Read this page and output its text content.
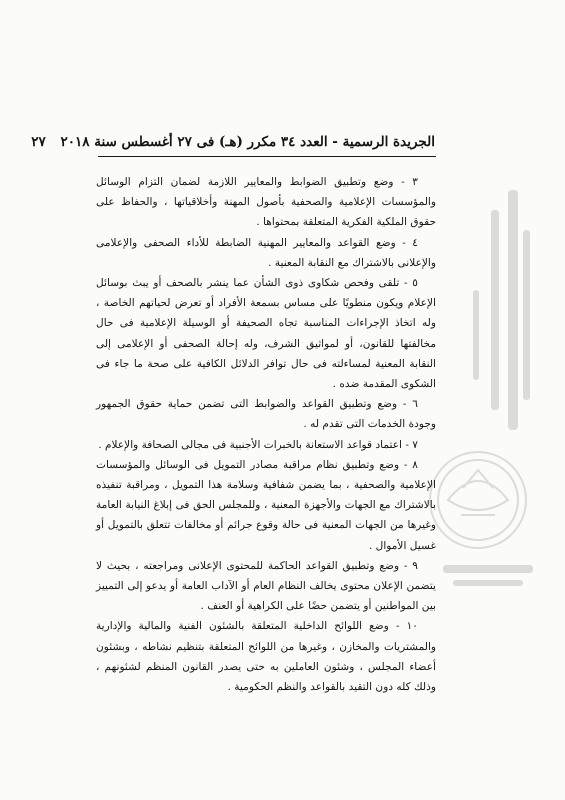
الجريدة الرسمية - العدد ٣٤ مكرر (هـ) فى ٢٧ أغسطس سنة ٢٠١٨ ٢٧

٣ - وضع وتطبيق الضوابط والمعايير اللازمة لضمان التزام الوسائل والمؤسسات الإعلامية والصحفية بأصول المهنة وأخلاقياتها ، والحفاظ على حقوق الملكية الفكرية المتعلقة بمحتواها .

٤ - وضع القواعد والمعايير المهنية الضابطة للأداء الصحفى والإعلامى والإعلانى بالاشتراك مع النقابة المعنية .

٥ - تلقى وفحص شكاوى ذوى الشأن عما ينشر بالصحف أو يبث بوسائل الإعلام ويكون منطويًا على مساس بسمعة الأفراد أو تعرض لحياتهم الخاصة ، وله اتخاذ الإجراءات المناسبة تجاه الصحيفة أو الوسيلة الإعلامية فى حال مخالفتها للقانون، أو لمواثيق الشرف، وله إحالة الصحفى أو الإعلامى إلى النقابة المعنية لمساءلته فى حال توافر الدلائل الكافية على صحة ما جاء فى الشكوى المقدمة ضده .

٦ - وضع وتطبيق القواعد والضوابط التى تضمن حماية حقوق الجمهور وجودة الخدمات التى تقدم له .

٧ - اعتماد قواعد الاستعانة بالخبرات الأجنبية فى مجالى الصحافة والإعلام .

٨ - وضع وتطبيق نظام مراقبة مصادر التمويل فى الوسائل والمؤسسات الإعلامية والصحفية ، بما يضمن شفافية وسلامة هذا التمويل ، ومراقبة تنفيذه بالاشتراك مع الجهات والأجهزة المعنية ، وللمجلس الحق فى إبلاغ النيابة العامة وغيرها من الجهات المعنية فى حالة وقوع جرائم أو مخالفات تتعلق بالتمويل أو غسيل الأموال .

٩ - وضع وتطبيق القواعد الحاكمة للمحتوى الإعلانى ومراجعته ، بحيث لا يتضمن الإعلان محتوى يخالف النظام العام أو الآداب العامة أو يدعو إلى التمييز بين المواطنين أو يتضمن حضًا على الكراهية أو العنف .

١٠ - وضع اللوائح الداخلية المتعلقة بالشئون الفنية والمالية والإدارية والمشتريات والمخازن ، وغيرها من اللوائح المتعلقة بتنظيم نشاطه ، وبشئون أعضاء المجلس ، وشئون العاملين به حتى يصدر القانون المنظم لشئونهم ، وذلك كله دون التقيد بالقواعد والنظم الحكومية .
